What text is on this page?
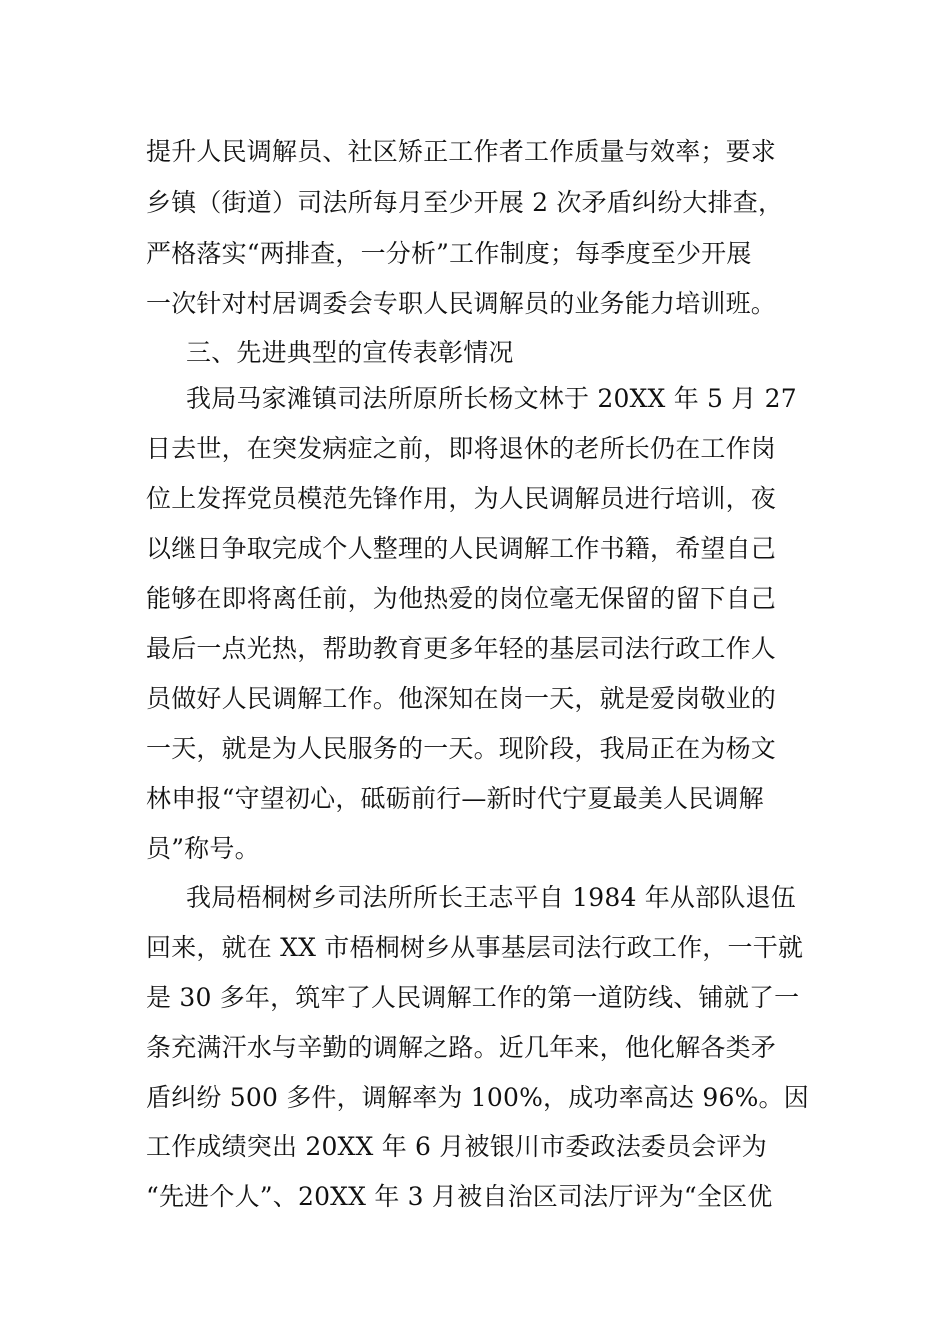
提升人民调解员、社区矫正工作者工作质量与效率；要求
乡镇（街道）司法所每月至少开展 2 次矛盾纠纷大排查，
严格落实“两排查，一分析”工作制度；每季度至少开展
一次针对村居调委会专职人民调解员的业务能力培训班。
三、先进典型的宣传表彰情况
我局马家滩镇司法所原所长杨文林于 20XX 年 5 月 27
日去世，在突发病症之前，即将退休的老所长仍在工作岗
位上发挥党员模范先锋作用，为人民调解员进行培训，夜
以继日争取完成个人整理的人民调解工作书籍，希望自己
能够在即将离任前，为他热爱的岗位毫无保留的留下自己
最后一点光热，帮助教育更多年轻的基层司法行政工作人
员做好人民调解工作。他深知在岗一天，就是爱岗敬业的
一天，就是为人民服务的一天。现阶段，我局正在为杨文
林申报“守望初心，砥砺前行—新时代宁夏最美人民调解
员”称号。
我局梧桐树乡司法所所长王志平自 1984 年从部队退伍
回来，就在 XX 市梧桐树乡从事基层司法行政工作，一干就
是 30 多年，筑牢了人民调解工作的第一道防线、铺就了一
条充满汗水与辛勤的调解之路。近几年来，他化解各类矛
盾纠纷 500 多件，调解率为 100%，成功率高达 96%。因
工作成绩突出 20XX 年 6 月被银川市委政法委员会评为
“先进个人”、20XX 年 3 月被自治区司法厅评为“全区优
